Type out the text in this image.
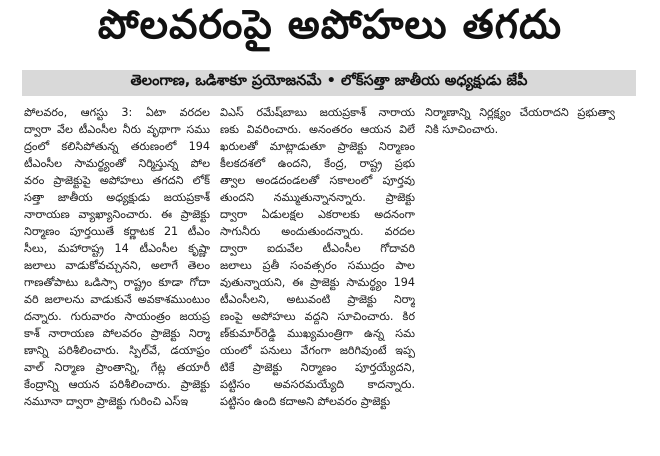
పోలవరంపై అపోహలు తగదు
తెలంగాణ, ఒడిశాకూ ప్రయోజనమే • లోక్‌సత్తా జాతీయ అధ్యక్షుడు జేపీ
పోలవరం, ఆగస్టు 3: ఏటా వరదల
ద్వారా వేల టీఎంసీల నీరు వృథాగా సము
ద్రంలో కలిసిపోతున్న తరుణంలో 194
టీఎంసీల సామర్థ్యంతో నిర్మిస్తున్న పోల
వరం ప్రాజెక్టుపై అపోహలు తగదని లోక్
సత్తా జాతీయ అధ్యక్షుడు జయప్రకాశ్
నారాయణ వ్యాఖ్యానించారు. ఈ ప్రాజెక్టు
నిర్మాణం పూర్తయితే కర్ణాటక 21 టీఎం
సీలు, మహారాష్ట్ర 14 టీఎంసీల కృష్ణా
జలాలు వాడుకోవచ్చునని, అలాగే తెలం
గాణతోపాటు ఒడిస్సా రాష్ట్రం కూడా గోదా
వరి జలాలను వాడుకునే అవకాశముంటుం
దన్నారు. గురువారం సాయంత్రం జయప్ర
కాశ్ నారాయణ పోలవరం ప్రాజెక్టు నిర్మా
ణాన్ని పరిశీలించారు. స్పిల్‌వే, డయాఫ్రం
వాల్ నిర్మాణ ప్రాంతాన్ని, గేట్ల తయారీ
కేంద్రాన్ని ఆయన పరిశీలించారు. ప్రాజెక్టు
నమూనా ద్వారా ప్రాజెక్టు గురించి ఎస్‌ఇ
విఎస్ రమేష్‌బాబు జయప్రకాశ్ నారాయ
ణకు వివరించారు. అనంతరం ఆయన విలే
ఖరులతో మాట్లాడుతూ ప్రాజెక్టు నిర్మాణం
కీలకదశలో ఉందని, కేంద్ర, రాష్ట్ర ప్రభు
త్వాల అండదండలతో సకాలంలో పూర్తవు
తుందని నమ్ముతున్నానన్నారు. ప్రాజెక్టు
ద్వారా ఏడులక్షల ఎకరాలకు అదనంగా
సాగునీరు అందుతుందన్నారు. వరదల
ద్వారా ఐదువేల టీఎంసీల గోదావరి
జలాలు ప్రతీ సంవత్సరం సముద్రం పాల
వుతున్నాయని, ఈ ప్రాజెక్టు సామర్థ్యం 194
టీఎంసీలని, అటువంటి ప్రాజెక్టు నిర్మా
ణంపై అపోహలు వద్దని సూచించారు. కిర
ణ్‌కుమార్‌రెడ్డి ముఖ్యమంత్రిగా ఉన్న సమ
యంలో పనులు వేగంగా జరిగివుంటే ఇప్ప
టికే ప్రాజెక్టు నిర్మాణం పూర్తయ్యేదని,
పట్టిసం అవసరమయ్యేది కాదన్నారు.
పట్టిసం ఉంది కదాఅని పోలవరం ప్రాజెక్టు
నిర్మాణాన్ని నిర్లక్ష్యం చేయరాదని ప్రభుత్వా
నికి సూచించారు.
